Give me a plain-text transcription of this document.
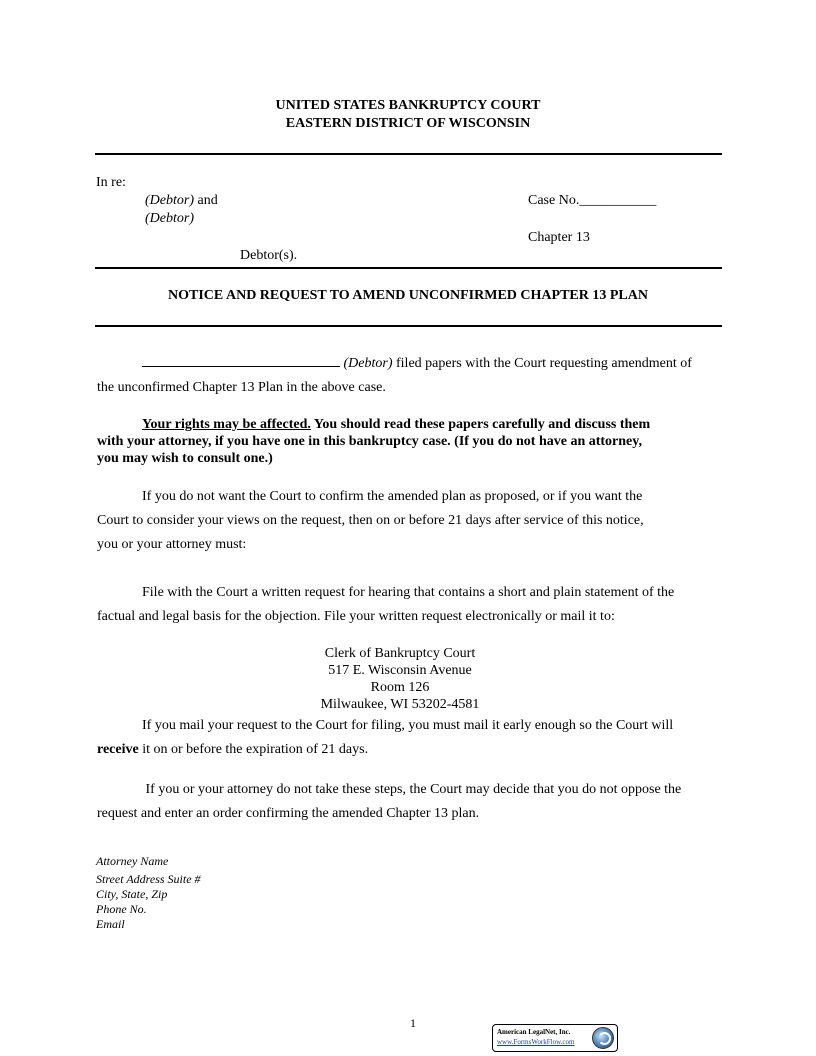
UNITED STATES BANKRUPTCY COURT
EASTERN DISTRICT OF WISCONSIN
In re:
(Debtor) and
(Debtor)
Debtor(s).
Case No.___________
Chapter 13
NOTICE AND REQUEST TO AMEND UNCONFIRMED CHAPTER 13 PLAN
(Debtor) filed papers with the Court requesting amendment of
the unconfirmed Chapter 13 Plan in the above case.
Your rights may be affected. You should read these papers carefully and discuss them
with your attorney, if you have one in this bankruptcy case. (If you do not have an attorney,
you may wish to consult one.)
If you do not want the Court to confirm the amended plan as proposed, or if you want the
Court to consider your views on the request, then on or before 21 days after service of this notice,
you or your attorney must:
File with the Court a written request for hearing that contains a short and plain statement of the
factual and legal basis for the objection. File your written request electronically or mail it to:
Clerk of Bankruptcy Court
517 E. Wisconsin Avenue
Room 126
Milwaukee, WI 53202-4581
If you mail your request to the Court for filing, you must mail it early enough so the Court will
receive it on or before the expiration of 21 days.
If you or your attorney do not take these steps, the Court may decide that you do not oppose the
request and enter an order confirming the amended Chapter 13 plan.
Attorney Name
Street Address Suite #
City, State, Zip
Phone No.
Email
1
American LegalNet, Inc.
www.FormsWorkFlow.com
